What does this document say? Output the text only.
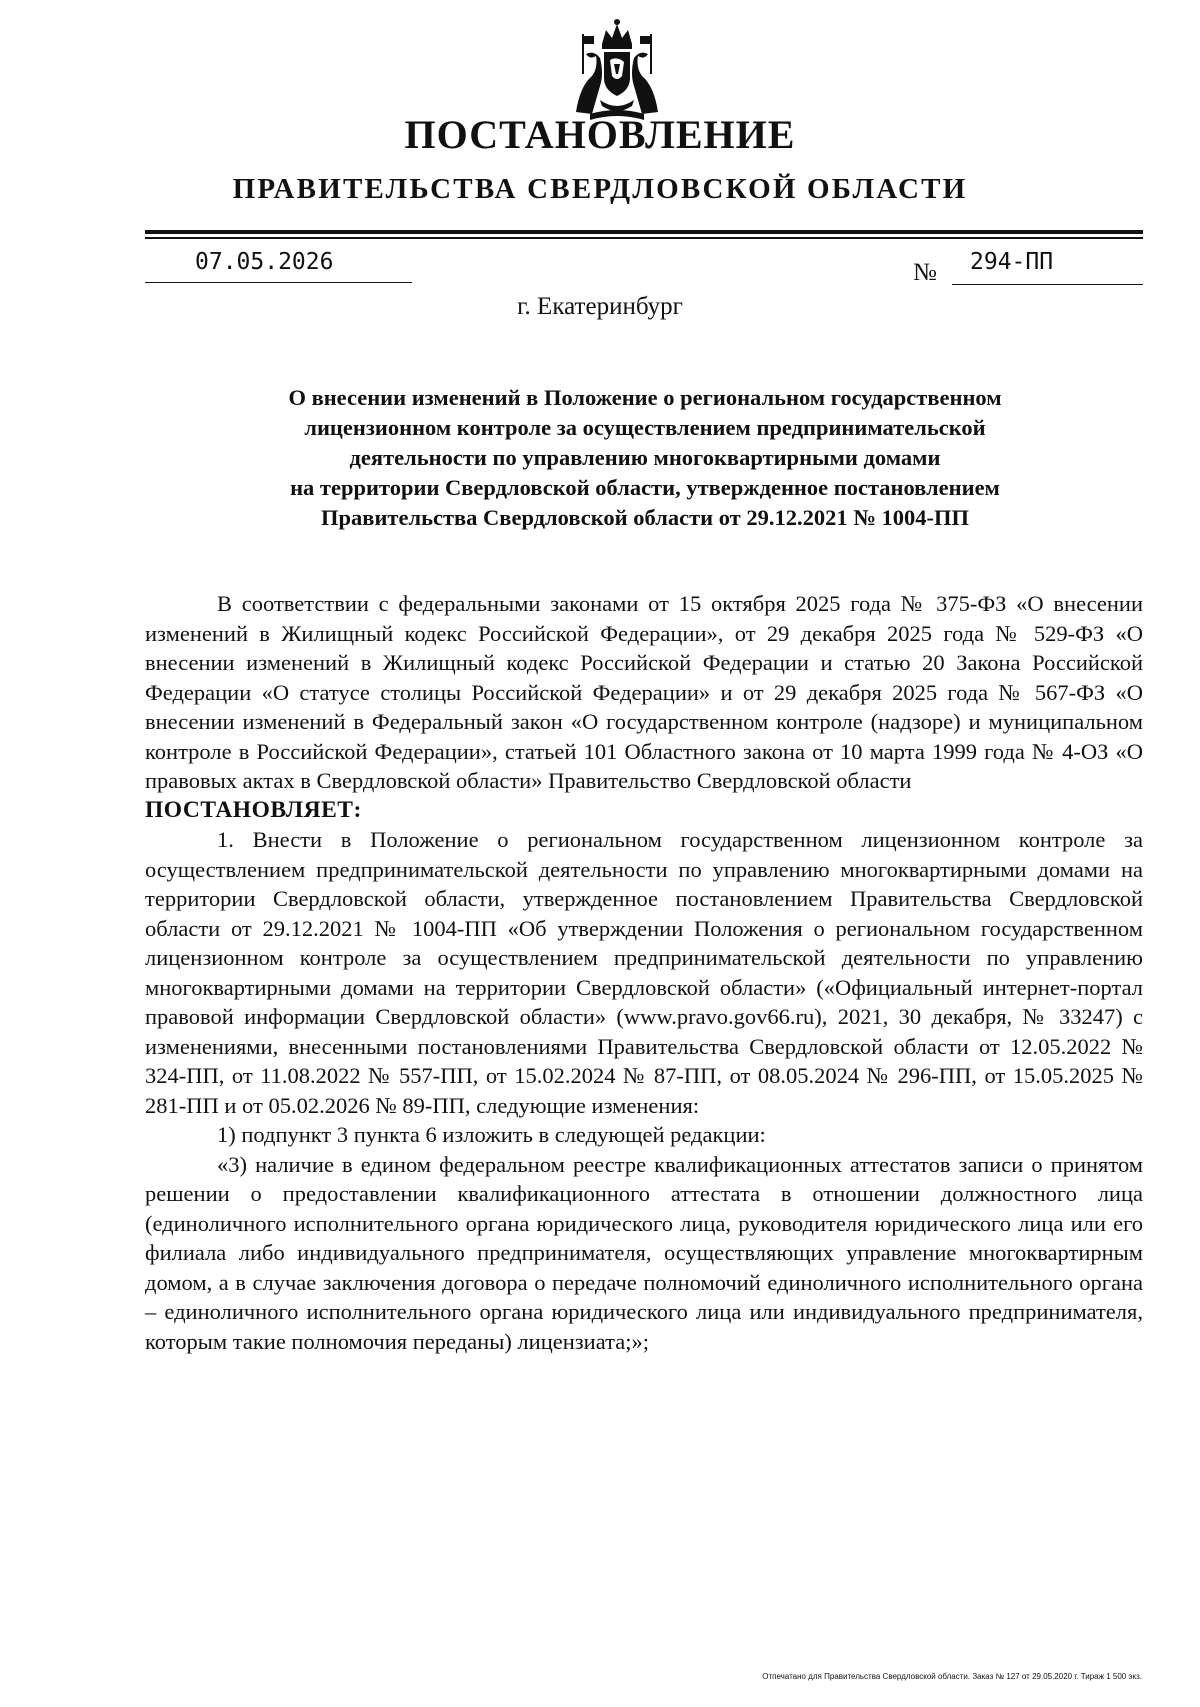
ПОСТАНОВЛЕНИЕ
ПРАВИТЕЛЬСТВА СВЕРДЛОВСКОЙ ОБЛАСТИ
07.05.2026	№ 294-ПП
г. Екатеринбург
О внесении изменений в Положение о региональном государственном
лицензионном контроле за осуществлением предпринимательской
деятельности по управлению многоквартирными домами
на территории Свердловской области, утвержденное постановлением
Правительства Свердловской области от 29.12.2021 № 1004-ПП

В соответствии с федеральными законами от 15 октября 2025 года № 375-ФЗ «О внесении изменений в Жилищный кодекс Российской Федерации», от 29 декабря 2025 года № 529-ФЗ «О внесении изменений в Жилищный кодекс Российской Федерации и статью 20 Закона Российской Федерации «О статусе столицы Российской Федерации» и от 29 декабря 2025 года № 567-ФЗ «О внесении изменений в Федеральный закон «О государственном контроле (надзоре) и муниципальном контроле в Российской Федерации», статьей 101 Областного закона от 10 марта 1999 года № 4-ОЗ «О правовых актах в Свердловской области» Правительство Свердловской области

ПОСТАНОВЛЯЕТ:

1. Внести в Положение о региональном государственном лицензионном контроле за осуществлением предпринимательской деятельности по управлению многоквартирными домами на территории Свердловской области, утвержденное постановлением Правительства Свердловской области от 29.12.2021 № 1004-ПП «Об утверждении Положения о региональном государственном лицензионном контроле за осуществлением предпринимательской деятельности по управлению многоквартирными домами на территории Свердловской области» («Официальный интернет-портал правовой информации Свердловской области» (www.pravo.gov66.ru), 2021, 30 декабря, № 33247) с изменениями, внесенными постановлениями Правительства Свердловской области от 12.05.2022 № 324-ПП, от 11.08.2022 № 557-ПП, от 15.02.2024 № 87-ПП, от 08.05.2024 № 296-ПП, от 15.05.2025 № 281-ПП и от 05.02.2026 № 89-ПП, следующие изменения:

1) подпункт 3 пункта 6 изложить в следующей редакции:

«3) наличие в едином федеральном реестре квалификационных аттестатов записи о принятом решении о предоставлении квалификационного аттестата в отношении должностного лица (единоличного исполнительного органа юридического лица, руководителя юридического лица или его филиала либо индивидуального предпринимателя, осуществляющих управление многоквартирным домом, а в случае заключения договора о передаче полномочий единоличного исполнительного органа – единоличного исполнительного органа юридического лица или индивидуального предпринимателя, которым такие полномочия переданы) лицензиата;»;

Отпечатано для Правительства Свердловской области. Заказ № 127 от 29.05.2020 г. Тираж 1 500 экз.
